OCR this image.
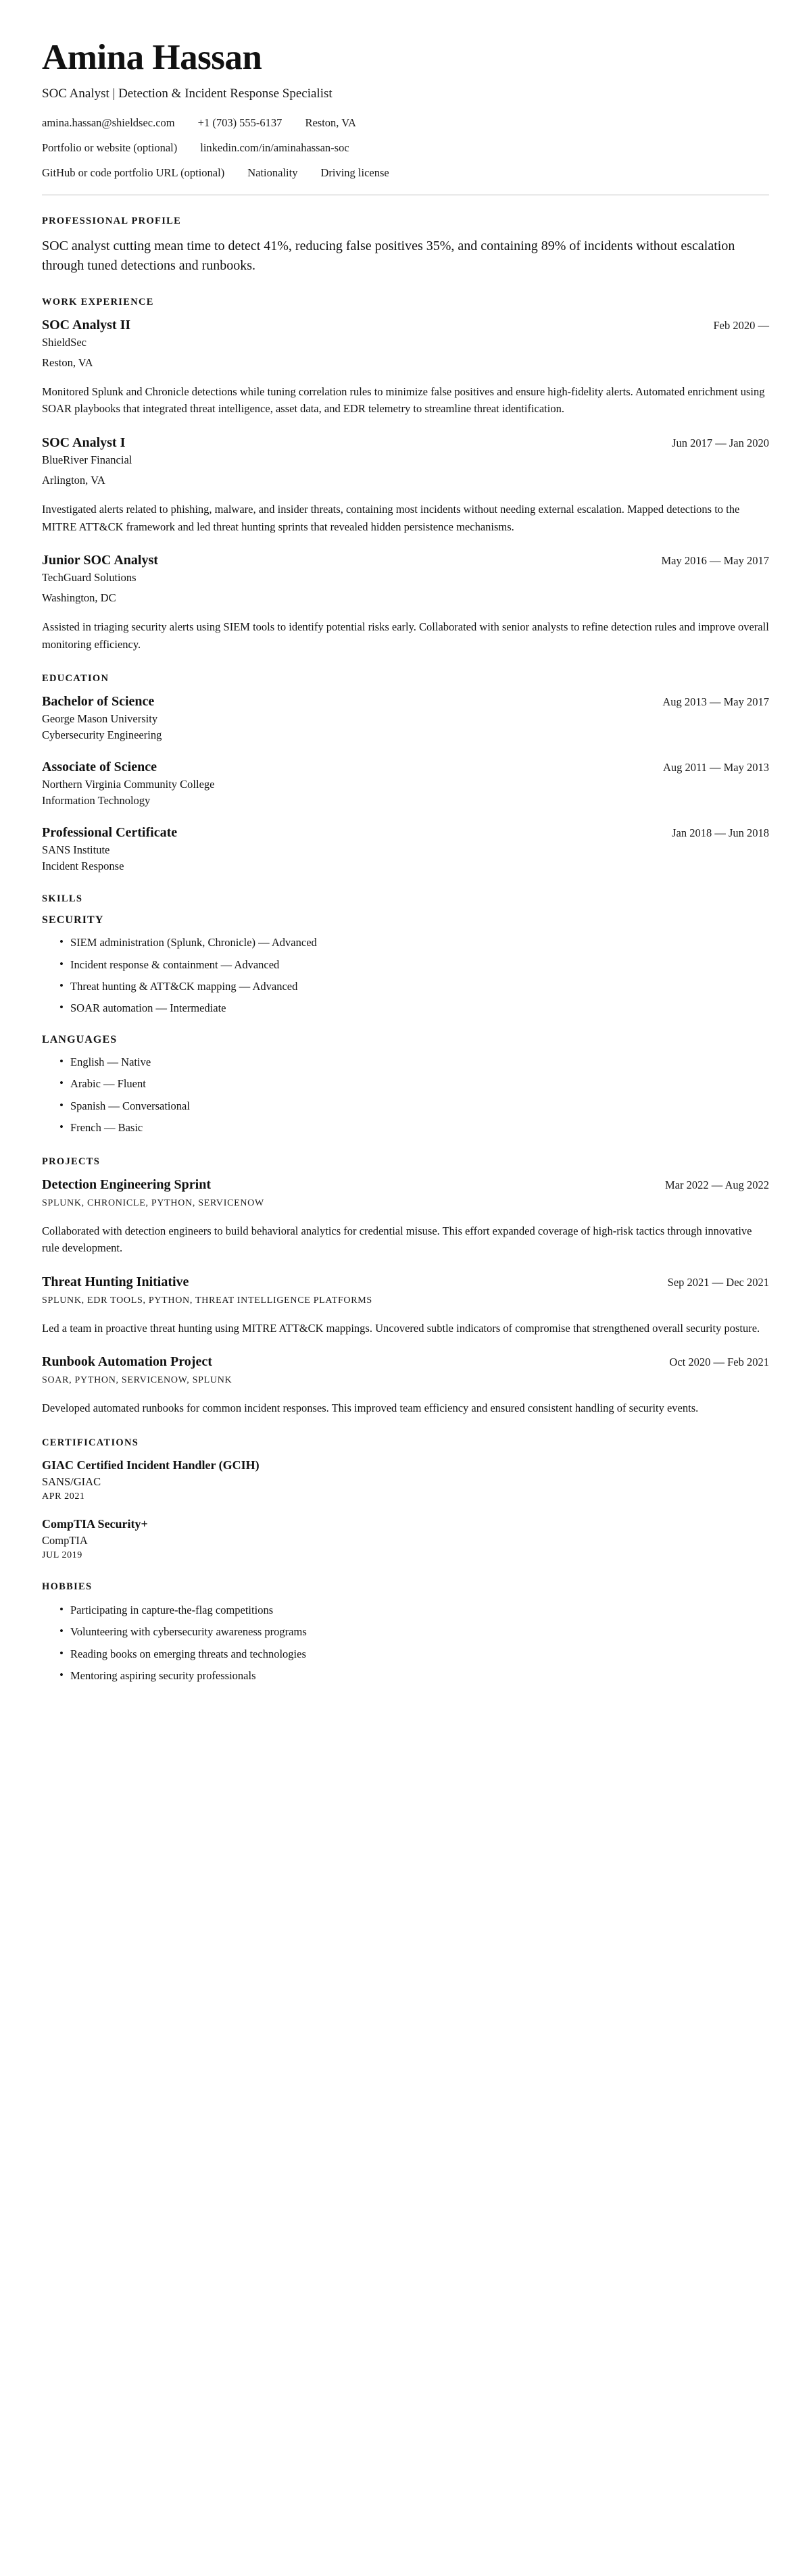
Amina Hassan
SOC Analyst | Detection & Incident Response Specialist
amina.hassan@shieldsec.com +1 (703) 555-6137 Reston, VA
Portfolio or website (optional) linkedin.com/in/aminahassan-soc
GitHub or code portfolio URL (optional) Nationality Driving license
PROFESSIONAL PROFILE

SOC analyst cutting mean time to detect 41%, reducing false positives 35%, and containing 89% of incidents without escalation through tuned detections and runbooks.

WORK EXPERIENCE
SOC Analyst II	Feb 2020 —
ShieldSec
Reston, VA
Monitored Splunk and Chronicle detections while tuning correlation rules to minimize false positives and ensure high-fidelity alerts. Automated enrichment using SOAR playbooks that integrated threat intelligence, asset data, and EDR telemetry to streamline threat identification.
SOC Analyst I	Jun 2017 — Jan 2020
BlueRiver Financial
Arlington, VA
Investigated alerts related to phishing, malware, and insider threats, containing most incidents without needing external escalation. Mapped detections to the MITRE ATT&CK framework and led threat hunting sprints that revealed hidden persistence mechanisms.
Junior SOC Analyst	May 2016 — May 2017
TechGuard Solutions
Washington, DC
Assisted in triaging security alerts using SIEM tools to identify potential risks early. Collaborated with senior analysts to refine detection rules and improve overall monitoring efficiency.
EDUCATION
Bachelor of Science	Aug 2013 — May 2017
George Mason University
Cybersecurity Engineering
Associate of Science	Aug 2011 — May 2013
Northern Virginia Community College
Information Technology
Professional Certificate	Jan 2018 — Jun 2018
SANS Institute
Incident Response
SKILLS
SECURITY
• SIEM administration (Splunk, Chronicle) — Advanced
• Incident response & containment — Advanced
• Threat hunting & ATT&CK mapping — Advanced
• SOAR automation — Intermediate
LANGUAGES
• English — Native
• Arabic — Fluent
• Spanish — Conversational
• French — Basic
PROJECTS
Detection Engineering Sprint	Mar 2022 — Aug 2022
SPLUNK, CHRONICLE, PYTHON, SERVICENOW
Collaborated with detection engineers to build behavioral analytics for credential misuse. This effort expanded coverage of high-risk tactics through innovative rule development.
Threat Hunting Initiative	Sep 2021 — Dec 2021
SPLUNK, EDR TOOLS, PYTHON, THREAT INTELLIGENCE PLATFORMS
Led a team in proactive threat hunting using MITRE ATT&CK mappings. Uncovered subtle indicators of compromise that strengthened overall security posture.
Runbook Automation Project	Oct 2020 — Feb 2021
SOAR, PYTHON, SERVICENOW, SPLUNK
Developed automated runbooks for common incident responses. This improved team efficiency and ensured consistent handling of security events.
CERTIFICATIONS
GIAC Certified Incident Handler (GCIH)
SANS/GIAC
APR 2021
CompTIA Security+
CompTIA
JUL 2019
HOBBIES
• Participating in capture-the-flag competitions
• Volunteering with cybersecurity awareness programs
• Reading books on emerging threats and technologies
• Mentoring aspiring security professionals
